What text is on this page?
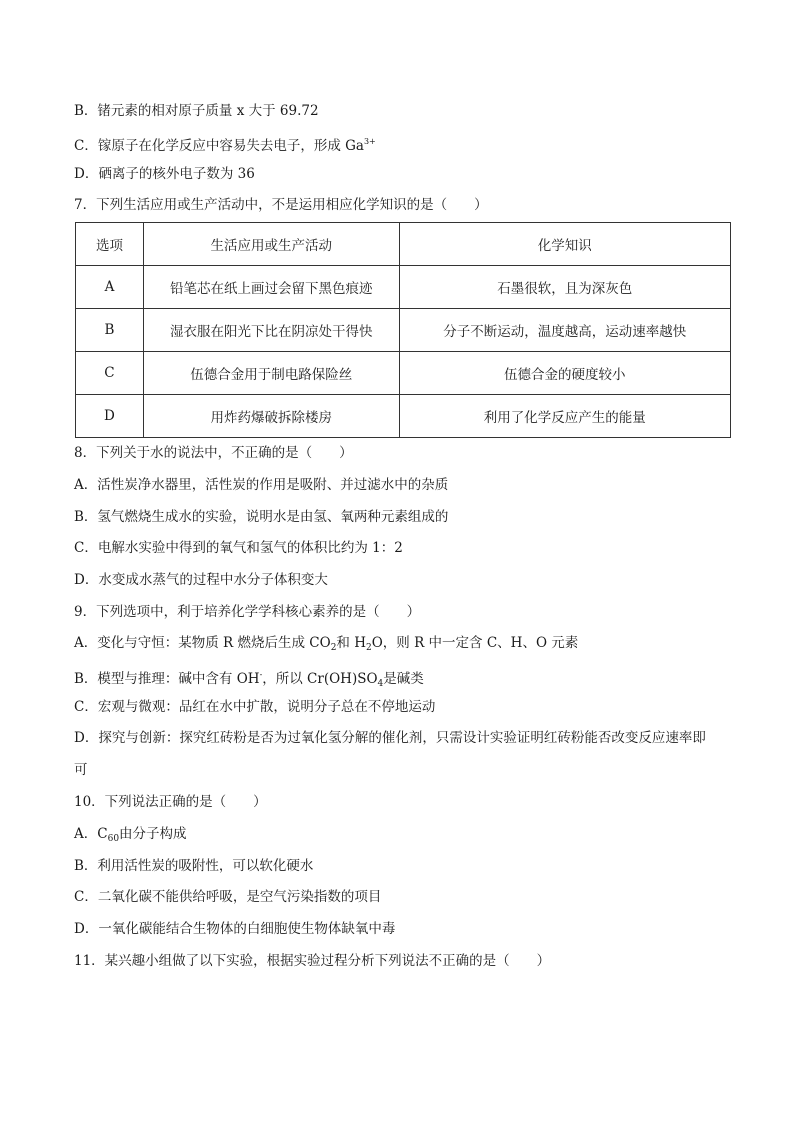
B．锗元素的相对原子质量 x 大于 69.72
C．镓原子在化学反应中容易失去电子，形成 $Ga^{3+}$
D．硒离子的核外电子数为 36
7．下列生活应用或生产活动中，不是运用相应化学知识的是（　　）
选项	生活应用或生产活动	化学知识
A	铅笔芯在纸上画过会留下黑色痕迹	石墨很软，且为深灰色
B	湿衣服在阳光下比在阴凉处干得快	分子不断运动，温度越高，运动速率越快
C	伍德合金用于制电路保险丝	伍德合金的硬度较小
D	用炸药爆破拆除楼房	利用了化学反应产生的能量
8．下列关于水的说法中，不正确的是（　　）
A．活性炭净水器里，活性炭的作用是吸附、并过滤水中的杂质
B．氢气燃烧生成水的实验，说明水是由氢、氧两种元素组成的
C．电解水实验中得到的氧气和氢气的体积比约为 1：2
D．水变成水蒸气的过程中水分子体积变大
9．下列选项中，利于培养化学学科核心素养的是（　　）
A．变化与守恒：某物质 R 燃烧后生成 $CO_2$和 $H_2O$，则 R 中一定含 C、H、O 元素
B．模型与推理：碱中含有 OH-，所以 $Cr(OH)SO_4$是碱类
C．宏观与微观：品红在水中扩散，说明分子总在不停地运动
D．探究与创新：探究红砖粉是否为过氧化氢分解的催化剂，只需设计实验证明红砖粉能否改变反应速率即
可
10．下列说法正确的是（　　）
A．$C_{60}$由分子构成
B．利用活性炭的吸附性，可以软化硬水
C．二氧化碳不能供给呼吸，是空气污染指数的项目
D．一氧化碳能结合生物体的白细胞使生物体缺氧中毒
11．某兴趣小组做了以下实验，根据实验过程分析下列说法不正确的是（　　）
